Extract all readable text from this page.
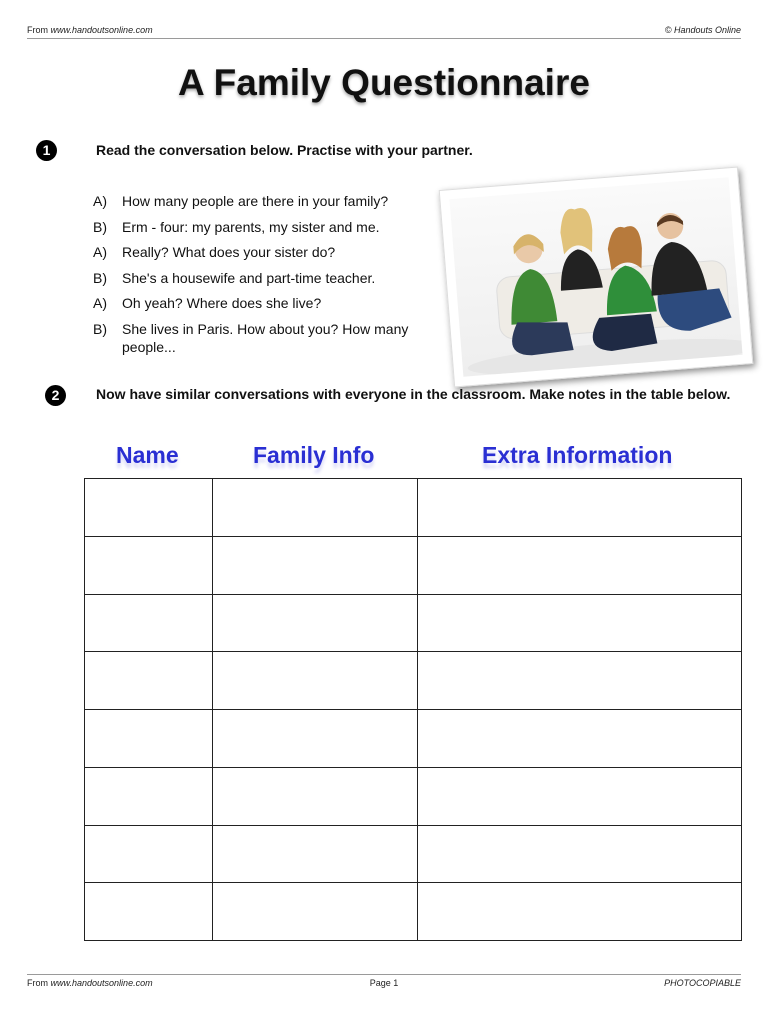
From www.handoutsonline.com	© Handouts Online
A Family Questionnaire
1	Read the conversation below. Practise with your partner.
A) How many people are there in your family?
B) Erm - four: my parents, my sister and me.
A) Really? What does your sister do?
B) She's a housewife and part-time teacher.
A) Oh yeah? Where does she live?
B) She lives in Paris. How about you? How many people...
2	Now have similar conversations with everyone in the classroom. Make notes in the table below.
Name	Family Info	Extra Information

From www.handoutsonline.com	Page 1	PHOTOCOPIABLE
